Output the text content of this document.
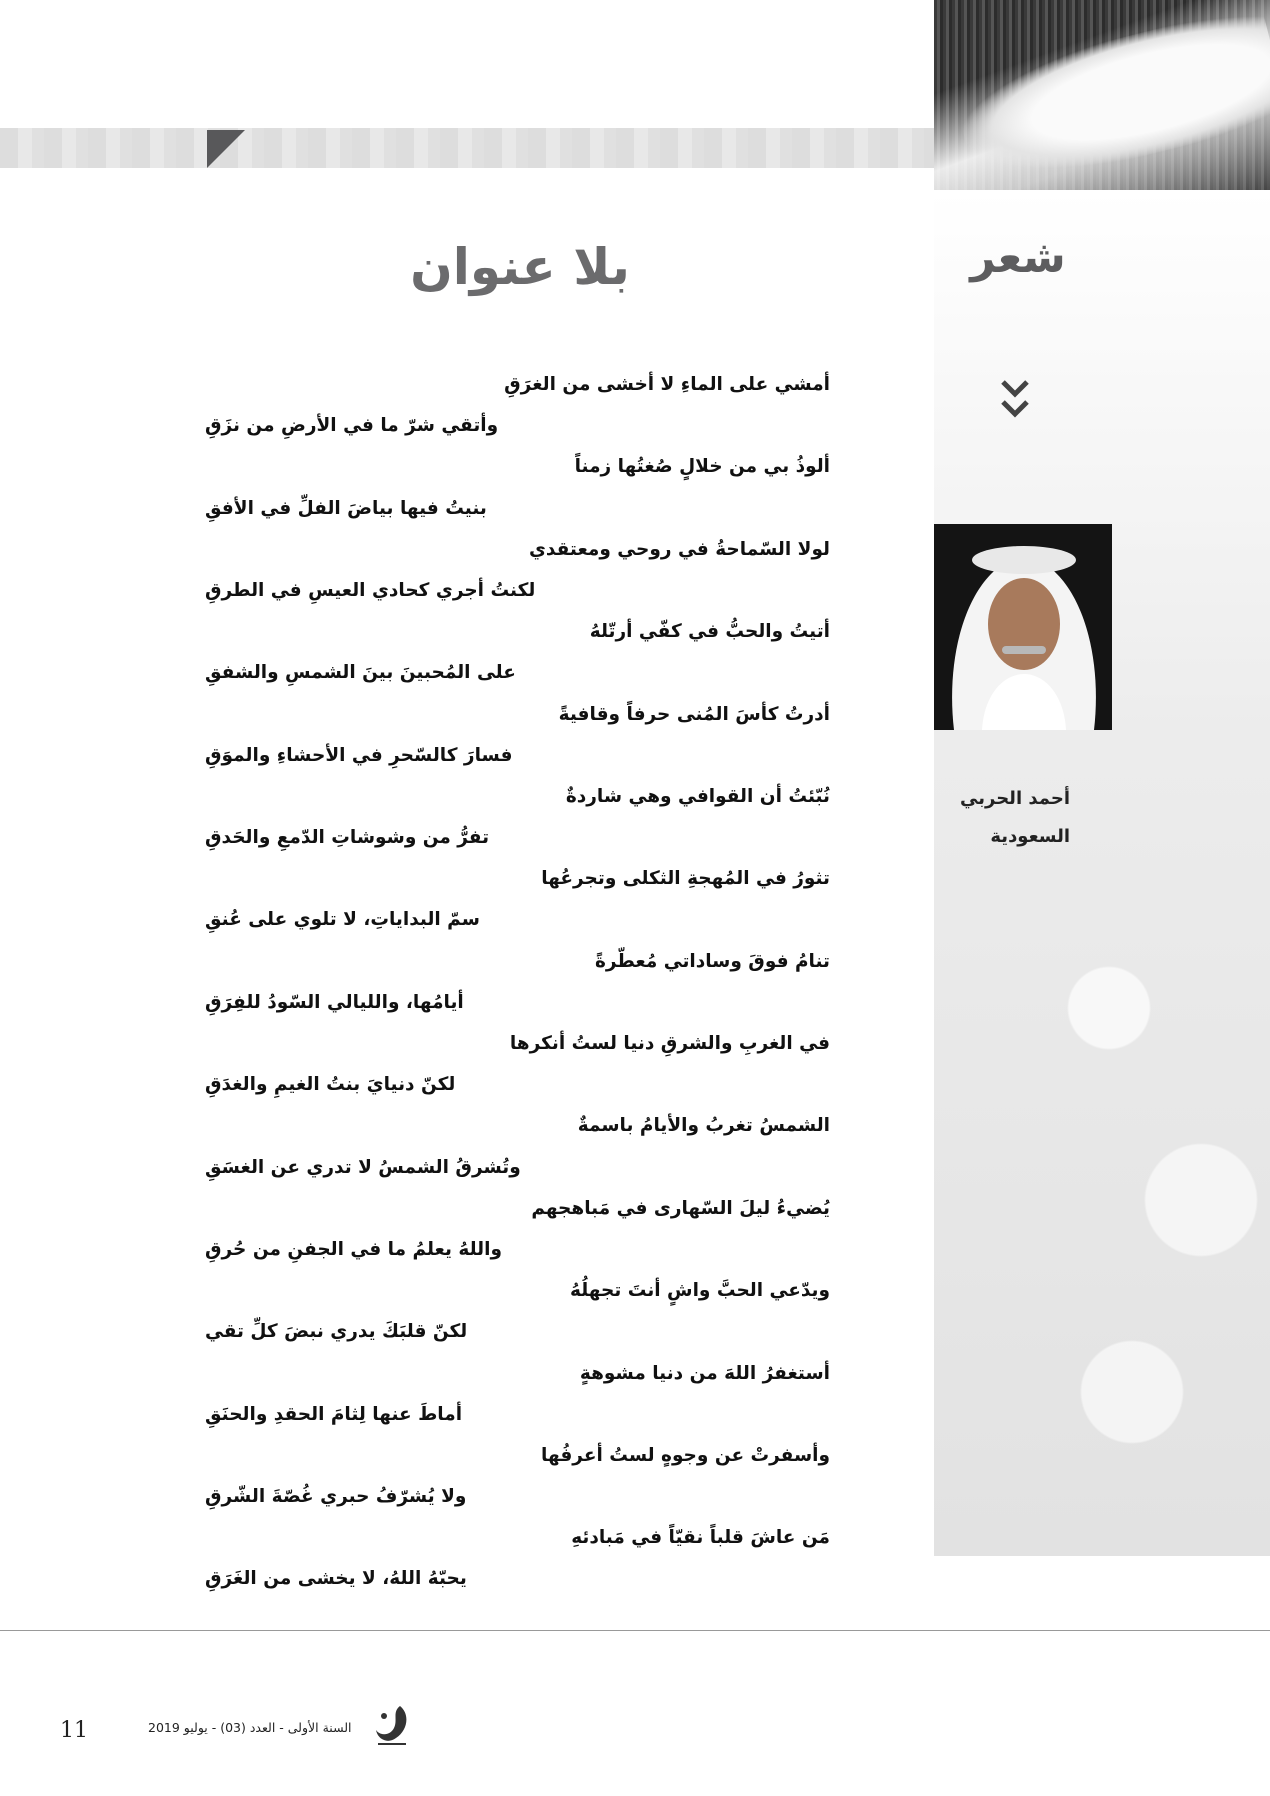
شعر
بلا عنوان
أحمد الحربي
السعودية
أمشي على الماءِ لا أخشى من الغرَقِ
وأتقي شرّ ما في الأرضِ من نزَقِ
ألوذُ بي من خلالٍ صُغتُها زمناً
بنيتُ فيها بياضَ الفلِّ في الأفقِ
لولا السّماحةُ في روحي ومعتقدي
لكنتُ أجري كحادي العيسِ في الطرقِ
أتيتُ والحبُّ في كفّي أرتّلهُ
على المُحبينَ بينَ الشمسِ والشفقِ
أدرتُ كأسَ المُنى حرفاً وقافيةً
فسارَ كالسّحرِ في الأحشاءِ والموَقِ
نُبّئتُ أن القوافي وهي شاردةٌ
تفرُّ من وشوشاتِ الدّمعِ والحَدقِ
تثورُ في المُهجةِ الثكلى وتجرعُها
سمّ البداياتِ، لا تلوي على عُنقِ
تنامُ فوقَ وساداتي مُعطّرةً
أيامُها، والليالي السّودُ للفِرَقِ
في الغربِ والشرقِ دنيا لستُ أنكرها
لكنّ دنيايَ بنتُ الغيمِ والغدَقِ
الشمسُ تغربُ والأيامُ باسمةٌ
وتُشرقُ الشمسُ لا تدري عن الغسَقِ
يُضيءُ ليلَ السّهارى في مَباهجهم
واللهُ يعلمُ ما في الجفنِ من حُرقِ
ويدّعي الحبَّ واشٍ أنتَ تجهلُهُ
لكنّ قلبَكَ يدري نبضَ كلِّ تقي
أستغفرُ اللهَ من دنيا مشوهةٍ
أماطَ عنها لِثامَ الحقدِ والحنَقِ
وأسفرتْ عن وجوهٍ لستُ أعرفُها
ولا يُشرّفُ حبري غُصّةَ الشّرقِ
مَن عاشَ قلباً نقيّاً في مَبادئهِ
يحبّهُ اللهُ، لا يخشى من الغَرَقِ
11	السنة الأولى - العدد (03) - يوليو 2019
